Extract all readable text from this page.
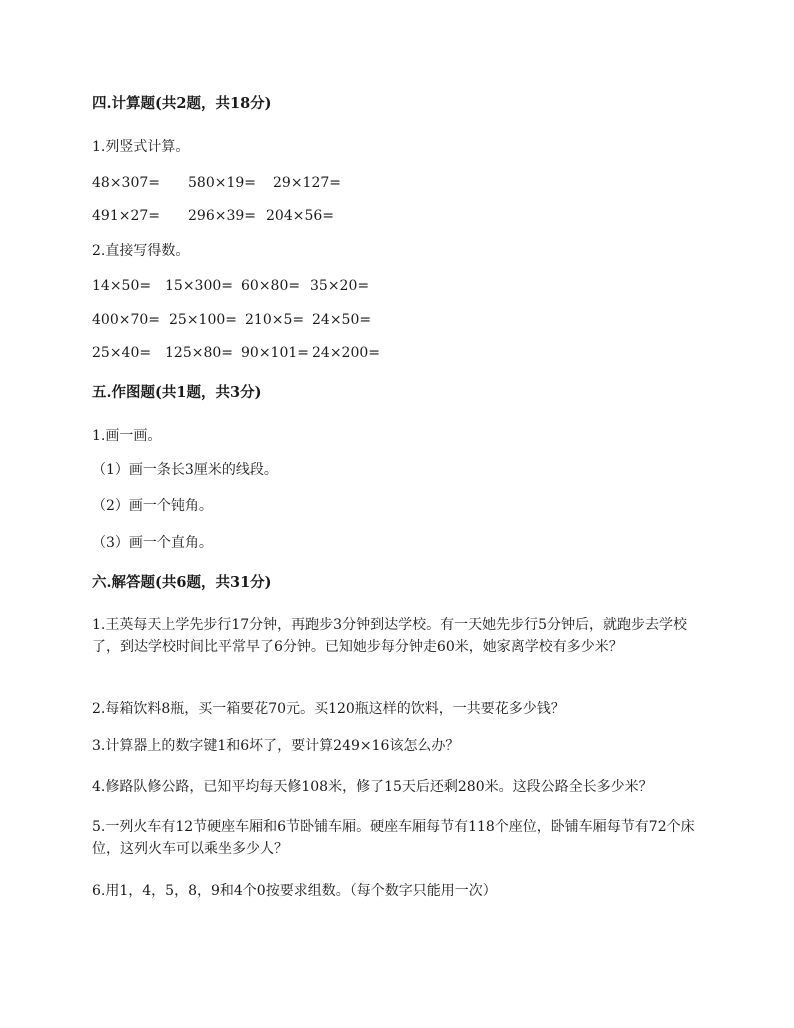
四.计算题(共2题，共18分)
1.列竖式计算。
48×307= 580×19= 29×127=
491×27= 296×39= 204×56=
2.直接写得数。
14×50= 15×300= 60×80= 35×20=
400×70= 25×100= 210×5= 24×50=
25×40= 125×80= 90×101= 24×200=
五.作图题(共1题，共3分)
1.画一画。
（1）画一条长3厘米的线段。
（2）画一个钝角。
（3）画一个直角。
六.解答题(共6题，共31分)
1.王英每天上学先步行17分钟，再跑步3分钟到达学校。有一天她先步行5分钟后，就跑步去学校了，到达学校时间比平常早了6分钟。已知她步每分钟走60米，她家离学校有多少米？
2.每箱饮料8瓶，买一箱要花70元。买120瓶这样的饮料，一共要花多少钱？
3.计算器上的数字键1和6坏了，要计算249×16该怎么办？
4.修路队修公路，已知平均每天修108米，修了15天后还剩280米。这段公路全长多少米？
5.一列火车有12节硬座车厢和6节卧铺车厢。硬座车厢每节有118个座位，卧铺车厢每节有72个床位，这列火车可以乘坐多少人？
6.用1，4，5，8，9和4个0按要求组数。（每个数字只能用一次）
